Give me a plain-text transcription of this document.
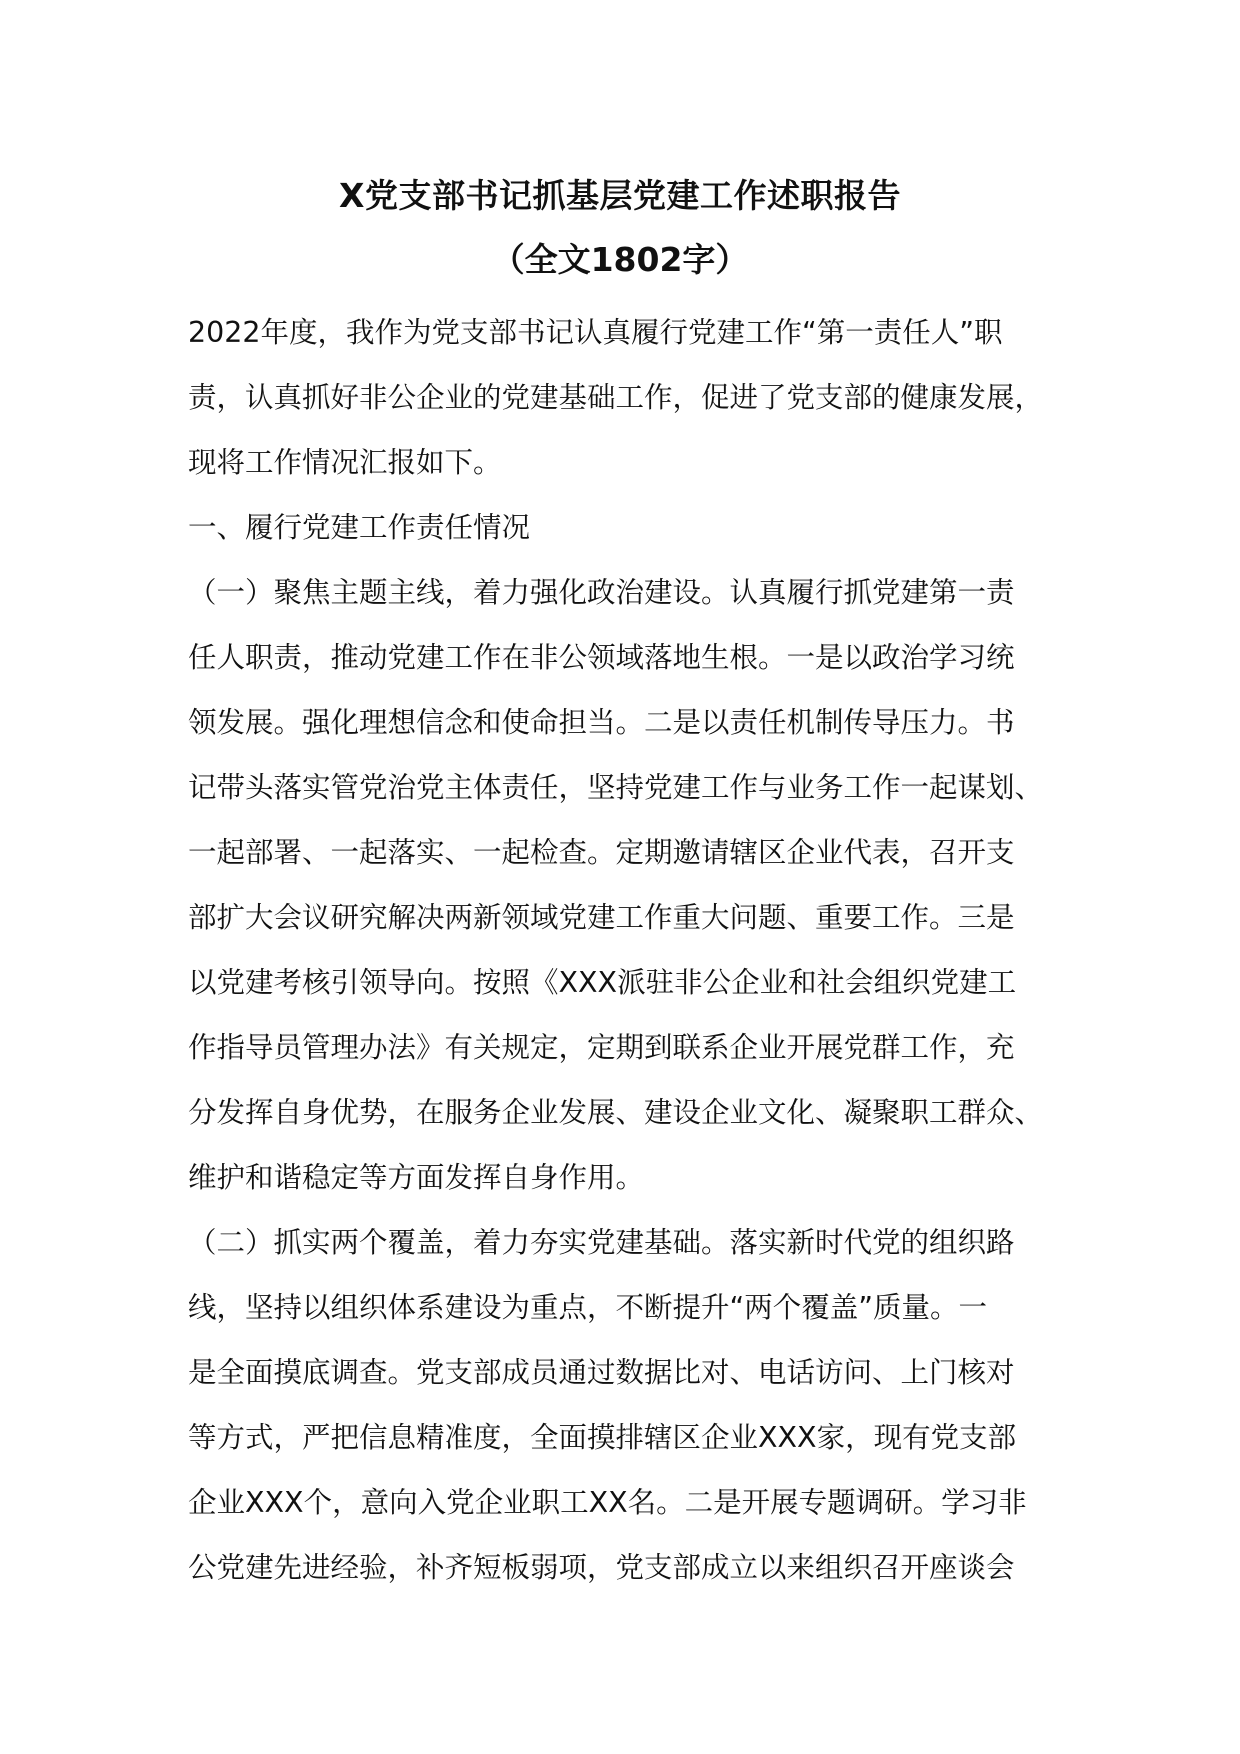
X党支部书记抓基层党建工作述职报告
（全文1802字）

2022年度，我作为党支部书记认真履行党建工作“第一责任人”职

责，认真抓好非公企业的党建基础工作，促进了党支部的健康发展，

现将工作情况汇报如下。

一、履行党建工作责任情况

（一）聚焦主题主线，着力强化政治建设。认真履行抓党建第一责

任人职责，推动党建工作在非公领域落地生根。一是以政治学习统

领发展。强化理想信念和使命担当。二是以责任机制传导压力。书

记带头落实管党治党主体责任，坚持党建工作与业务工作一起谋划、

一起部署、一起落实、一起检查。定期邀请辖区企业代表，召开支

部扩大会议研究解决两新领域党建工作重大问题、重要工作。三是

以党建考核引领导向。按照《XXX派驻非公企业和社会组织党建工

作指导员管理办法》有关规定，定期到联系企业开展党群工作，充

分发挥自身优势，在服务企业发展、建设企业文化、凝聚职工群众、

维护和谐稳定等方面发挥自身作用。

（二）抓实两个覆盖，着力夯实党建基础。落实新时代党的组织路

线，坚持以组织体系建设为重点，不断提升“两个覆盖”质量。一

是全面摸底调查。党支部成员通过数据比对、电话访问、上门核对

等方式，严把信息精准度，全面摸排辖区企业XXX家，现有党支部

企业XXX个，意向入党企业职工XX名。二是开展专题调研。学习非

公党建先进经验，补齐短板弱项，党支部成立以来组织召开座谈会
